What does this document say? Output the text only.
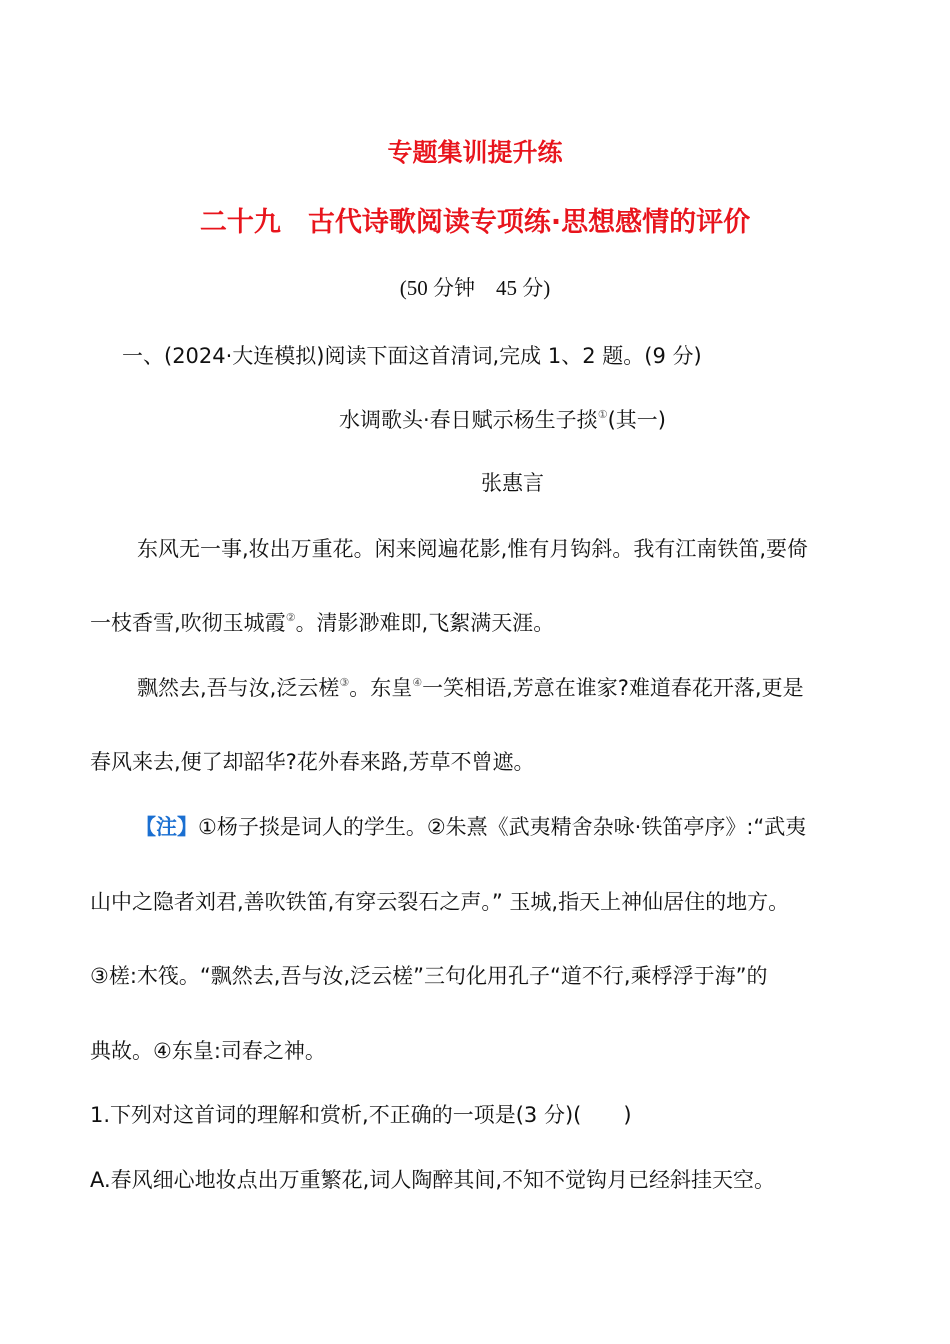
专题集训提升练
二十九　古代诗歌阅读专项练·思想感情的评价
(50 分钟　45 分)
一、(2024·大连模拟)阅读下面这首清词,完成 1、2 题。(9 分)
水调歌头·春日赋示杨生子掞①(其一)
张惠言
东风无一事,妆出万重花。闲来阅遍花影,惟有月钩斜。我有江南铁笛,要倚
一枝香雪,吹彻玉城霞②。清影渺难即,飞絮满天涯。
飘然去,吾与汝,泛云槎③。东皇④一笑相语,芳意在谁家?难道春花开落,更是
春风来去,便了却韶华?花外春来路,芳草不曾遮。
【注】①杨子掞是词人的学生。②朱熹《武夷精舍杂咏·铁笛亭序》:“武夷
山中之隐者刘君,善吹铁笛,有穿云裂石之声。” 玉城,指天上神仙居住的地方。
③槎:木筏。“飘然去,吾与汝,泛云槎”三句化用孔子“道不行,乘桴浮于海”的
典故。④东皇:司春之神。
1.下列对这首词的理解和赏析,不正确的一项是(3 分)(　　)
A.春风细心地妆点出万重繁花,词人陶醉其间,不知不觉钩月已经斜挂天空。
